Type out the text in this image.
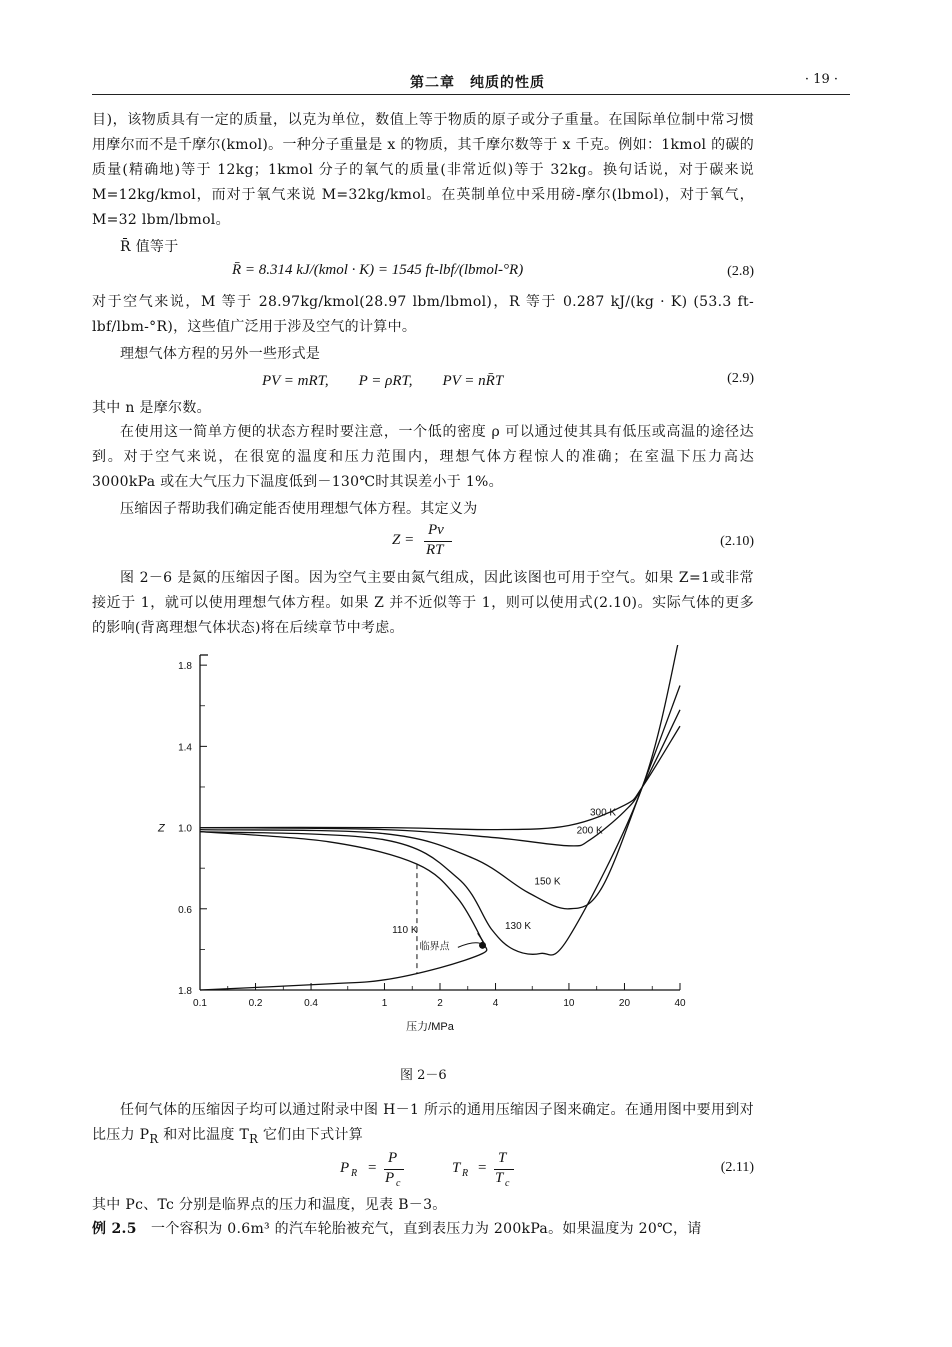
第二章　纯质的性质	· 19 ·
目)，该物质具有一定的质量，以克为单位，数值上等于物质的原子或分子重量。在国际单位制中常习惯用摩尔而不是千摩尔(kmol)。一种分子重量是 x 的物质，其千摩尔数等于 x 千克。例如：1kmol 的碳的质量(精确地)等于 12kg；1kmol 分子的氧气的质量(非常近似)等于 32kg。换句话说，对于碳来说 M=12kg/kmol，而对于氧气来说 M=32kg/kmol。在英制单位中采用磅-摩尔(lbmol)，对于氧气，M=32 lbm/lbmol。
R̄ 值等于
R̄ = 8.314 kJ/(kmol · K) = 1545 ft-lbf/(lbmol-°R)	(2.8)
对于空气来说，M 等于 28.97kg/kmol(28.97 lbm/lbmol)，R 等于 0.287 kJ/(kg · K) (53.3 ft-lbf/lbm-°R)，这些值广泛用于涉及空气的计算中。
理想气体方程的另外一些形式是
PV = mRT,　　P = ρRT,　　PV = nR̄T	(2.9)
其中 n 是摩尔数。
在使用这一简单方便的状态方程时要注意，一个低的密度 ρ 可以通过使其具有低压或高温的途径达到。对于空气来说，在很宽的温度和压力范围内，理想气体方程惊人的准确；在室温下压力高达 3000kPa 或在大气压力下温度低到－130℃时其误差小于 1%。
压缩因子帮助我们确定能否使用理想气体方程。其定义为
Z =
Pv
RT
(2.10)
图 2－6 是氮的压缩因子图。因为空气主要由氮气组成，因此该图也可用于空气。如果 Z=1或非常接近于 1，就可以使用理想气体方程。如果 Z 并不近似等于 1，则可以使用式(2.10)。实际气体的更多的影响(背离理想气体状态)将在后续章节中考虑。
0.1	0.2	0.4	1	2	4	10	20	40
1.8
1.4
1.0
0.6
1.8
Z
压力/MPa
300 K
200 K
150 K
130 K
110 K
临界点
图 2－6
任何气体的压缩因子均可以通过附录中图 H－1 所示的通用压缩因子图来确定。在通用图中要用到对比压力 $P_R$ 和对比温度 $T_R$ 它们由下式计算
P R =
P
P c
T R =
T
T c
(2.11)
其中 Pc、Tc 分别是临界点的压力和温度，见表 B－3。
例 2.5　一个容积为 0.6m³ 的汽车轮胎被充气，直到表压力为 200kPa。如果温度为 20℃，请
